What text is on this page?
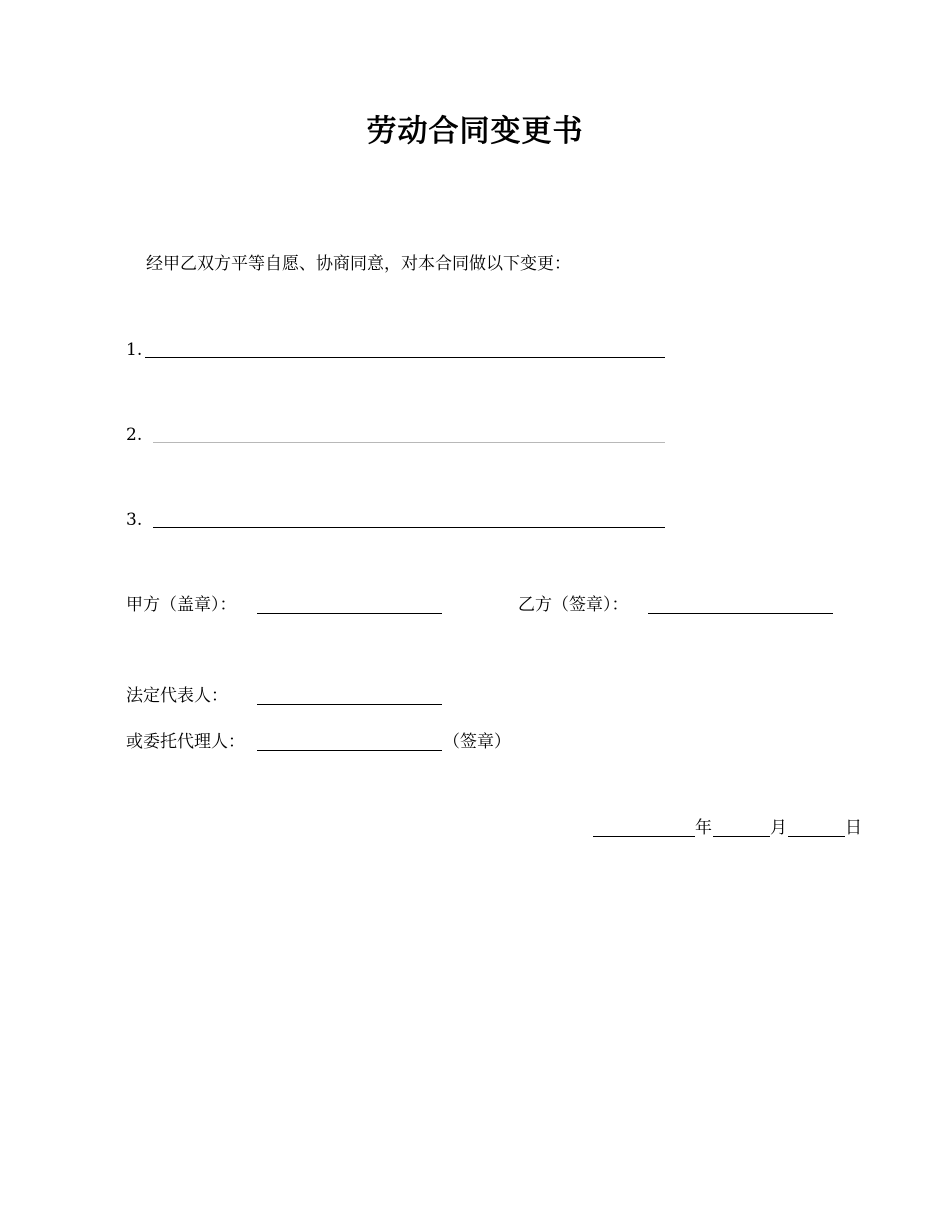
劳动合同变更书
经甲乙双方平等自愿、协商同意，对本合同做以下变更：
1.
2.
3.
甲方（盖章）：	乙方（签章）：
法定代表人：
或委托代理人：	（签章）
年	月	日
